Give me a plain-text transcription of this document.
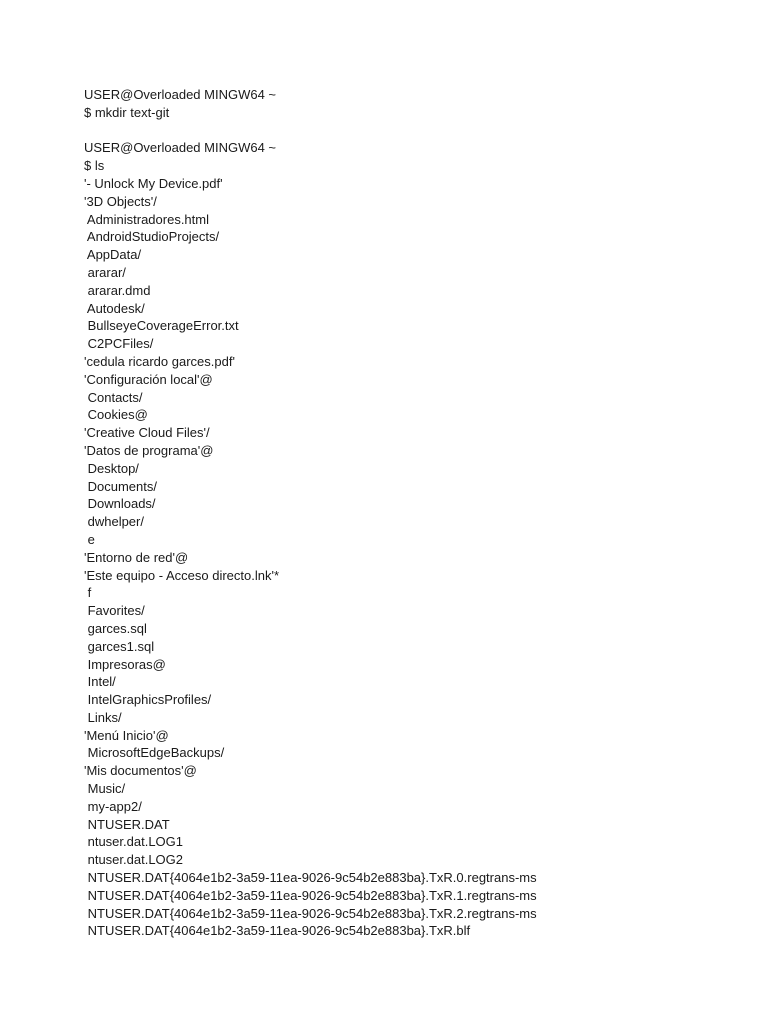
USER@Overloaded MINGW64 ~
$ mkdir text-git
USER@Overloaded MINGW64 ~
$ ls
'- Unlock My Device.pdf'
'3D Objects'/
Administradores.html
AndroidStudioProjects/
AppData/
ararar/
ararar.dmd
Autodesk/
BullseyeCoverageError.txt
C2PCFiles/
'cedula ricardo garces.pdf'
'Configuración local'@
Contacts/
Cookies@
'Creative Cloud Files'/
'Datos de programa'@
Desktop/
Documents/
Downloads/
dwhelper/
e
'Entorno de red'@
'Este equipo - Acceso directo.lnk'*
f
Favorites/
garces.sql
garces1.sql
Impresoras@
Intel/
IntelGraphicsProfiles/
Links/
'Menú Inicio'@
MicrosoftEdgeBackups/
'Mis documentos'@
Music/
my-app2/
NTUSER.DAT
ntuser.dat.LOG1
ntuser.dat.LOG2
NTUSER.DAT{4064e1b2-3a59-11ea-9026-9c54b2e883ba}.TxR.0.regtrans-ms
NTUSER.DAT{4064e1b2-3a59-11ea-9026-9c54b2e883ba}.TxR.1.regtrans-ms
NTUSER.DAT{4064e1b2-3a59-11ea-9026-9c54b2e883ba}.TxR.2.regtrans-ms
NTUSER.DAT{4064e1b2-3a59-11ea-9026-9c54b2e883ba}.TxR.blf
